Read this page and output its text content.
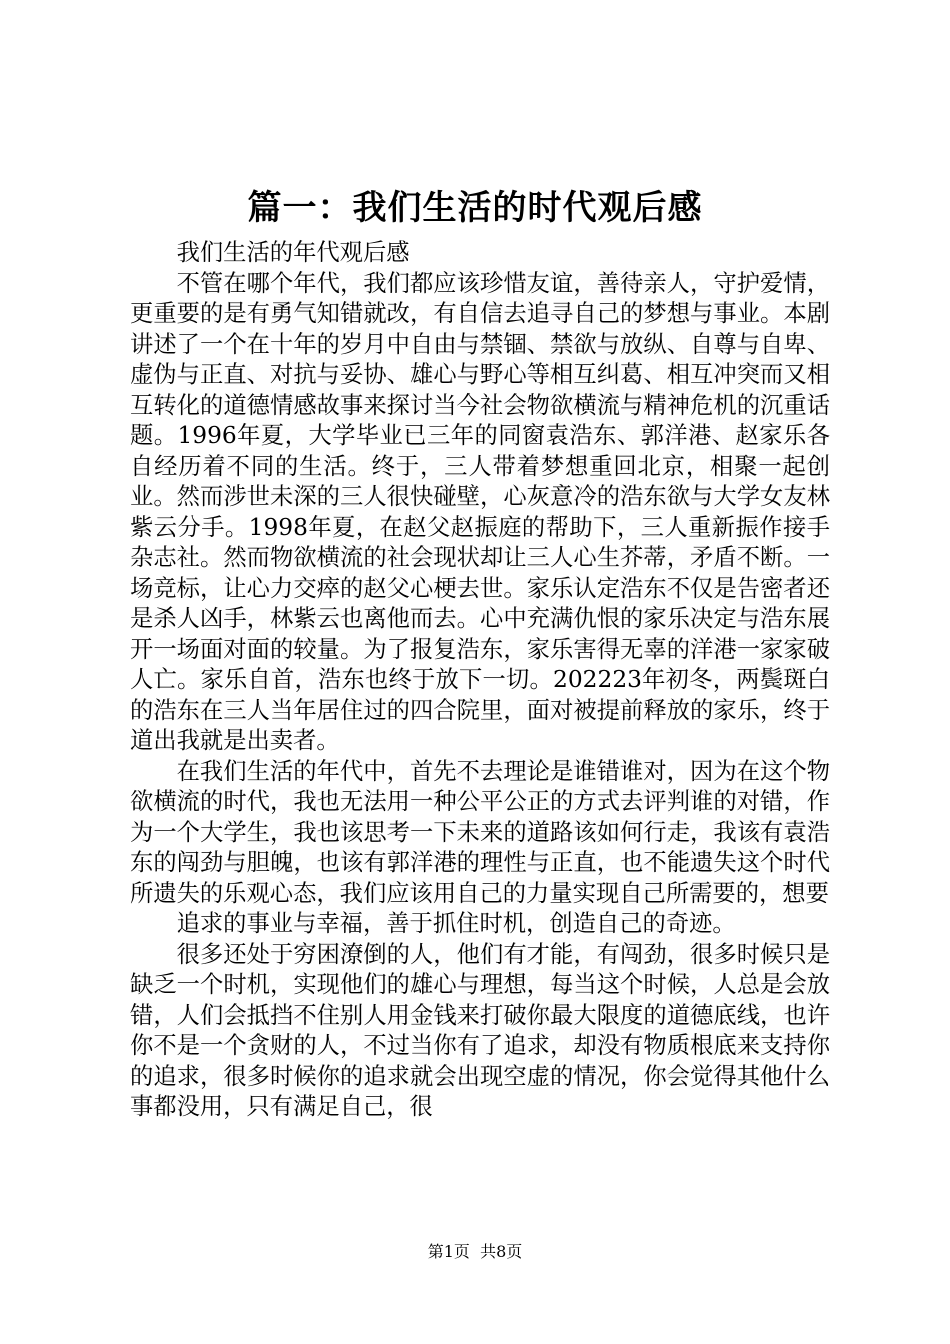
篇一：我们生活的时代观后感

我们生活的年代观后感

不管在哪个年代，我们都应该珍惜友谊，善待亲人，守护爱情，更重要的是有勇气知错就改，有自信去追寻自己的梦想与事业。本剧讲述了一个在十年的岁月中自由与禁锢、禁欲与放纵、自尊与自卑、虚伪与正直、对抗与妥协、雄心与野心等相互纠葛、相互冲突而又相互转化的道德情感故事来探讨当今社会物欲横流与精神危机的沉重话题。1996年夏，大学毕业已三年的同窗袁浩东、郭洋港、赵家乐各自经历着不同的生活。终于，三人带着梦想重回北京，相聚一起创业。然而涉世未深的三人很快碰壁，心灰意冷的浩东欲与大学女友林紫云分手。1998年夏，在赵父赵振庭的帮助下，三人重新振作接手杂志社。然而物欲横流的社会现状却让三人心生芥蒂，矛盾不断。一场竞标，让心力交瘁的赵父心梗去世。家乐认定浩东不仅是告密者还是杀人凶手，林紫云也离他而去。心中充满仇恨的家乐决定与浩东展开一场面对面的较量。为了报复浩东，家乐害得无辜的洋港一家家破人亡。家乐自首，浩东也终于放下一切。202223年初冬，两鬓斑白的浩东在三人当年居住过的四合院里，面对被提前释放的家乐，终于道出我就是出卖者。

在我们生活的年代中，首先不去理论是谁错谁对，因为在这个物欲横流的时代，我也无法用一种公平公正的方式去评判谁的对错，作为一个大学生，我也该思考一下未来的道路该如何行走，我该有袁浩东的闯劲与胆魄，也该有郭洋港的理性与正直，也不能遗失这个时代所遗失的乐观心态，我们应该用自己的力量实现自己所需要的，想要

追求的事业与幸福，善于抓住时机，创造自己的奇迹。

很多还处于穷困潦倒的人，他们有才能，有闯劲，很多时候只是缺乏一个时机，实现他们的雄心与理想，每当这个时候，人总是会放错，人们会抵挡不住别人用金钱来打破你最大限度的道德底线，也许你不是一个贪财的人，不过当你有了追求，却没有物质根底来支持你的追求，很多时候你的追求就会出现空虚的情况，你会觉得其他什么事都没用，只有满足自己，很

第1页 共8页
